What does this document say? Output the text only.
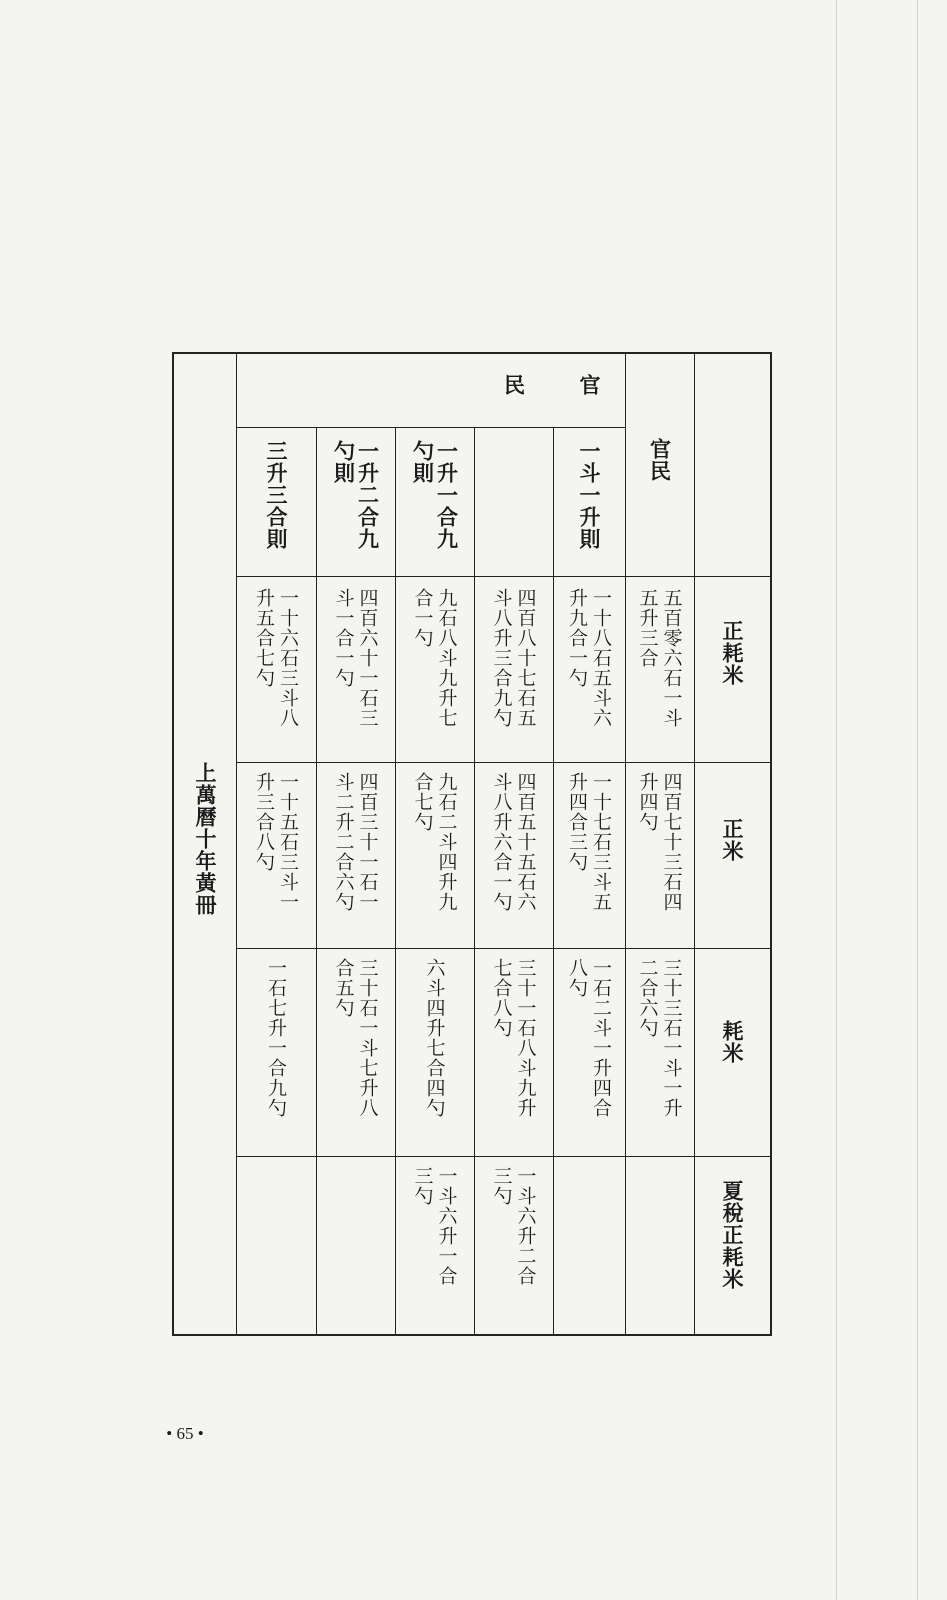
上萬曆十年黃冊
官
民
官民
正耗米
正米
耗米
夏稅正耗米
一斗一升則
一十八石五斗六
升九合一勺
一十七石三斗五
升四合三勺
一石二斗一升四合
八勺
五百零六石一斗
五升三合
四百七十三石四
升四勺
三十三石一斗一升
二合六勺
四百八十七石五
斗八升三合九勺
四百五十五石六
斗八升六合一勺
三十一石八斗九升
七合八勺
一斗六升二合
三勺
一升一合九
勺則
九石八斗九升七
合一勺
九石二斗四升九
合七勺
六斗四升七合四勺
一斗六升一合
三勺
一升二合九
勺則
四百六十一石三
斗一合一勺
四百三十一石一
斗二升二合六勺
三十石一斗七升八
合五勺
三升三合則
一十六石三斗八
升五合七勺
一十五石三斗一
升三合八勺
一石七升一合九勺
• 65 •
